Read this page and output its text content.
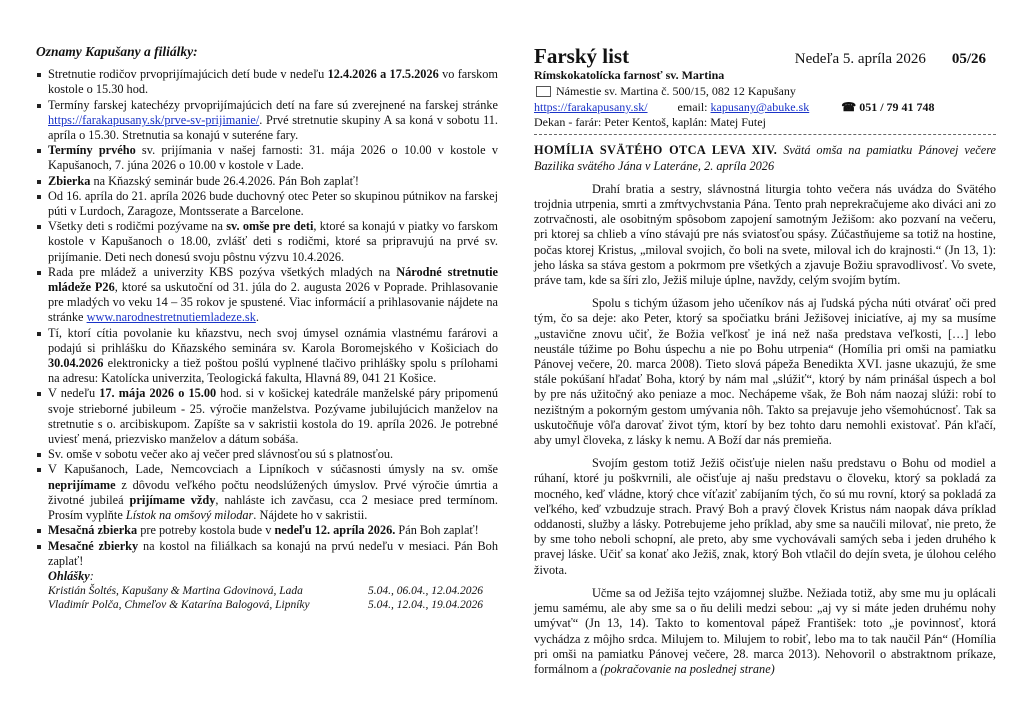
Oznamy Kapušany a filiálky:
Stretnutie rodičov prvoprijímajúcich detí bude v nedeľu 12.4.2026 a 17.5.2026 vo farskom kostole o 15.30 hod.
Termíny farskej katechézy prvoprijímajúcich detí na fare sú zverejnené na farskej stránke https://farakapusany.sk/prve-sv-prijimanie/. Prvé stretnutie skupiny A sa koná v sobotu 11. apríla o 15.30. Stretnutia sa konajú v suteréne fary.
Termíny prvého sv. prijímania v našej farnosti: 31. mája 2026 o 10.00 v kostole v Kapušanoch, 7. júna 2026 o 10.00 v kostole v Lade.
Zbierka na Kňazský seminár bude 26.4.2026. Pán Boh zaplať!
Od 16. apríla do 21. apríla 2026 bude duchovný otec Peter so skupinou pútnikov na farskej púti v Lurdoch, Zaragoze, Montsserate a Barcelone.
Všetky deti s rodičmi pozývame na sv. omše pre deti, ktoré sa konajú v piatky vo farskom kostole v Kapušanoch o 18.00, zvlášť deti s rodičmi, ktoré sa pripravujú na prvé sv. prijímanie. Deti nech donesú svoju pôstnu výzvu 10.4.2026.
Rada pre mládež a univerzity KBS pozýva všetkých mladých na Národné stretnutie mládeže P26, ktoré sa uskutoční od 31. júla do 2. augusta 2026 v Poprade. Prihlasovanie pre mladých vo veku 14 – 35 rokov je spustené. Viac informácií a prihlasovanie nájdete na stránke www.narodnestretnutiemladeze.sk.
Tí, ktorí cítia povolanie ku kňazstvu, nech svoj úmysel oznámia vlastnému farárovi a podajú si prihlášku do Kňazského seminára sv. Karola Boromejského v Košiciach do 30.04.2026 elektronicky a tiež poštou pošlú vyplnené tlačivo prihlášky spolu s prílohami na adresu: Katolícka univerzita, Teologická fakulta, Hlavná 89, 041 21 Košice.
V nedeľu 17. mája 2026 o 15.00 hod. si v košickej katedrále manželské páry pripomenú svoje strieborné jubileum - 25. výročie manželstva. Pozývame jubilujúcich manželov na stretnutie s o. arcibiskupom. Zapíšte sa v sakristii kostola do 19. apríla 2026. Je potrebné uviesť mená, priezvisko manželov a dátum sobáša.
Sv. omše v sobotu večer ako aj večer pred slávnosťou sú s platnosťou.
V Kapušanoch, Lade, Nemcovciach a Lipníkoch v súčasnosti úmysly na sv. omše neprijímame z dôvodu veľkého počtu neodslúžených úmyslov. Prvé výročie úmrtia a životné jubileá prijímame vždy, nahláste ich zavčasu, cca 2 mesiace pred termínom. Prosím vyplňte Lístok na omšový milodar. Nájdete ho v sakristii.
Mesačná zbierka pre potreby kostola bude v nedeľu 12. apríla 2026. Pán Boh zaplať!
Mesačné zbierky na kostol na filiálkach sa konajú na prvú nedeľu v mesiaci. Pán Boh zaplať!
Ohlášky:
Kristián Šoltés, Kapušany & Martina Gdovinová, Lada	5.04., 06.04., 12.04.2026
Vladimír Polča, Chmeľov & Katarína Balogová, Lipníky	5.04., 12.04., 19.04.2026
Farský list	Nedeľa 5. apríla 2026 05/26
Rímskokatolícka farnosť sv. Martina
Námestie sv. Martina č. 500/15, 082 12 Kapušany
https://farakapusany.sk/	email: kapusany@abuke.sk	☎ 051 / 79 41 748
Dekan - farár: Peter Kentoš, kaplán: Matej Futej
HOMÍLIA SVÄTÉHO OTCA LEVA XIV. Svätá omša na pamiatku Pánovej večere Bazilika svätého Jána v Lateráne, 2. apríla 2026

Drahí bratia a sestry, slávnostná liturgia tohto večera nás uvádza do Svätého trojdnia utrpenia, smrti a zmŕtvychvstania Pána. Tento prah neprekračujeme ako diváci ani zo zotrvačnosti, ale osobitným spôsobom zapojení samotným Ježišom: ako pozvaní na večeru, pri ktorej sa chlieb a víno stávajú pre nás sviatosťou spásy. Zúčastňujeme sa totiž na hostine, počas ktorej Kristus, „miloval svojich, čo boli na svete, miloval ich do krajnosti.“ (Jn 13, 1): jeho láska sa stáva gestom a pokrmom pre všetkých a zjavuje Božiu spravodlivosť. Vo svete, práve tam, kde sa šíri zlo, Ježiš miluje úplne, navždy, celým svojím bytím.

Spolu s tichým úžasom jeho učeníkov nás aj ľudská pýcha núti otvárať oči pred tým, čo sa deje: ako Peter, ktorý sa spočiatku bráni Ježišovej iniciatíve, aj my sa musíme „ustavične znovu učiť, že Božia veľkosť je iná než naša predstava veľkosti, […] lebo neustále túžime po Bohu úspechu a nie po Bohu utrpenia“ (Homília pri omši na pamiatku Pánovej večere, 20. marca 2008). Tieto slová pápeža Benedikta XVI. jasne ukazujú, že sme stále pokúšaní hľadať Boha, ktorý by nám mal „slúžiť“, ktorý by nám prinášal úspech a bol by pre nás užitočný ako peniaze a moc. Nechápeme však, že Boh nám naozaj slúži: robí to nezištným a pokorným gestom umývania nôh. Takto sa prejavuje jeho všemohúcnosť. Tak sa uskutočňuje vôľa darovať život tým, ktorí by bez tohto daru nemohli existovať. Pán kľačí, aby umyl človeka, z lásky k nemu. A Boží dar nás premieňa.

Svojím gestom totiž Ježiš očisťuje nielen našu predstavu o Bohu od modiel a rúhaní, ktoré ju poškvrnili, ale očisťuje aj našu predstavu o človeku, ktorý sa pokladá za mocného, keď vládne, ktorý chce víťaziť zabíjaním tých, čo sú mu rovní, ktorý sa pokladá za veľkého, keď vzbudzuje strach. Pravý Boh a pravý človek Kristus nám naopak dáva príklad oddanosti, služby a lásky. Potrebujeme jeho príklad, aby sme sa naučili milovať, nie preto, že by sme toho neboli schopní, ale preto, aby sme vychovávali samých seba i jeden druhého k pravej láske. Učiť sa konať ako Ježiš, znak, ktorý Boh vtlačil do dejín sveta, je úlohou celého života.

Učme sa od Ježiša tejto vzájomnej službe. Nežiada totiž, aby sme mu ju oplácali jemu samému, ale aby sme sa o ňu delili medzi sebou: „aj vy si máte jeden druhému nohy umývať“ (Jn 13, 14). Takto to komentoval pápež František: toto „je povinnosť, ktorá vychádza z môjho srdca. Milujem to. Milujem to robiť, lebo ma to tak naučil Pán“ (Homília pri omši na pamiatku Pánovej večere, 28. marca 2013). Nehovoril o abstraktnom príkaze, formálnom a (pokračovanie na poslednej strane)
